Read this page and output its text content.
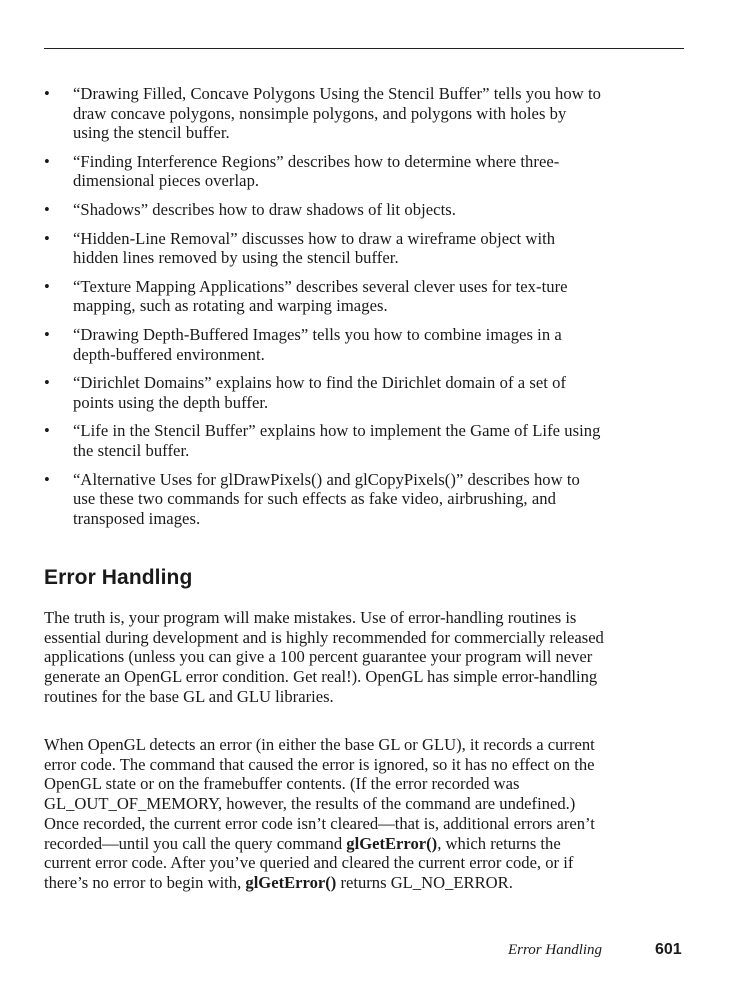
• “Drawing Filled, Concave Polygons Using the Stencil Buffer” tells you how to draw concave polygons, nonsimple polygons, and polygons with holes by using the stencil buffer.
• “Finding Interference Regions” describes how to determine where three-dimensional pieces overlap.
• “Shadows” describes how to draw shadows of lit objects.
• “Hidden-Line Removal” discusses how to draw a wireframe object with hidden lines removed by using the stencil buffer.
• “Texture Mapping Applications” describes several clever uses for tex-ture mapping, such as rotating and warping images.
• “Drawing Depth-Buffered Images” tells you how to combine images in a depth-buffered environment.
• “Dirichlet Domains” explains how to find the Dirichlet domain of a set of points using the depth buffer.
• “Life in the Stencil Buffer” explains how to implement the Game of Life using the stencil buffer.
• “Alternative Uses for glDrawPixels() and glCopyPixels()” describes how to use these two commands for such effects as fake video, airbrushing, and transposed images.
Error Handling

The truth is, your program will make mistakes. Use of error-handling routines is essential during development and is highly recommended for commercially released applications (unless you can give a 100 percent guarantee your program will never generate an OpenGL error condition. Get real!). OpenGL has simple error-handling routines for the base GL and GLU libraries.

When OpenGL detects an error (in either the base GL or GLU), it records a current error code. The command that caused the error is ignored, so it has no effect on the OpenGL state or on the framebuffer contents. (If the error recorded was GL_OUT_OF_MEMORY, however, the results of the command are undefined.) Once recorded, the current error code isn’t cleared—that is, additional errors aren’t recorded—until you call the query command glGetError(), which returns the current error code. After you’ve queried and cleared the current error code, or if there’s no error to begin with, glGetError() returns GL_NO_ERROR.

Error Handling	601
